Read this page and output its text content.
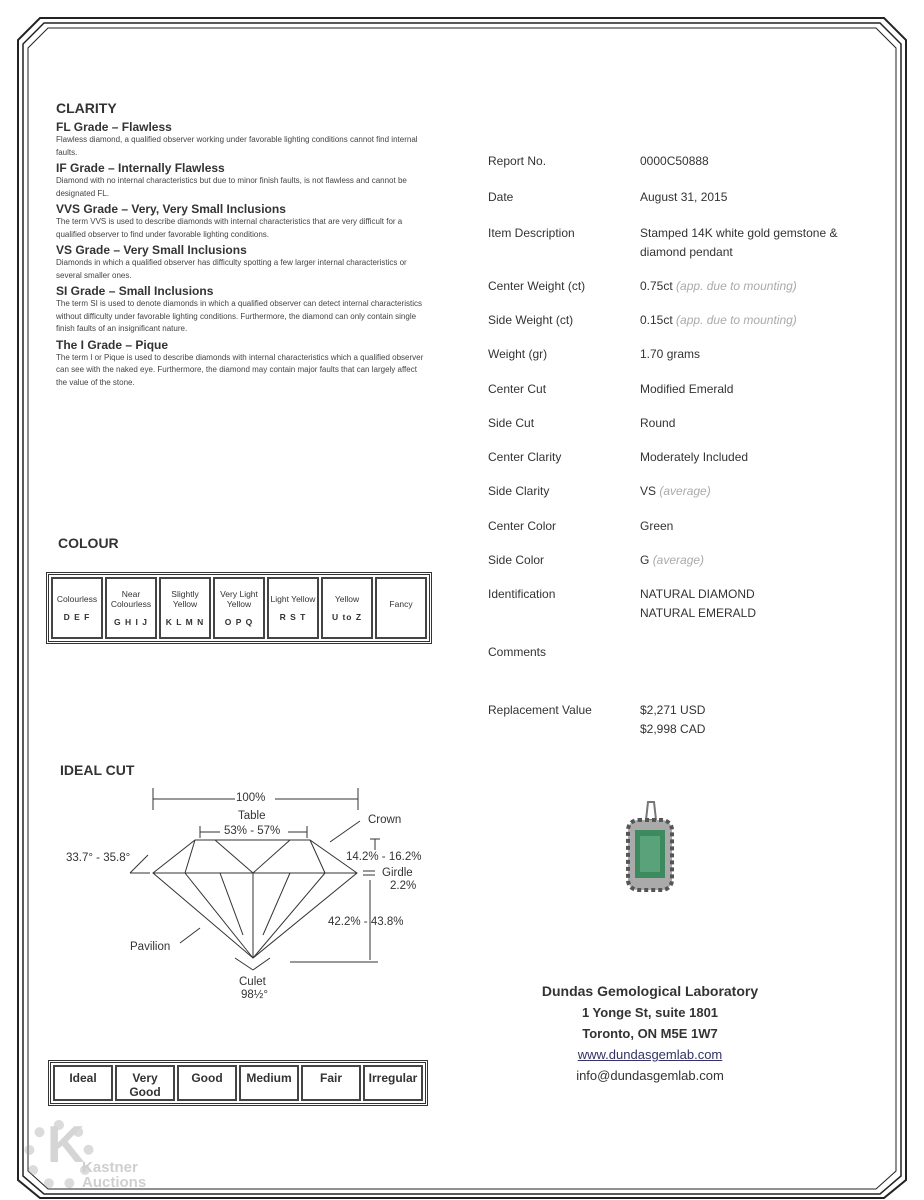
CLARITY
FL Grade – Flawless
Flawless diamond, a qualified observer working under favorable lighting conditions cannot find internal faults.
IF Grade – Internally Flawless
Diamond with no internal characteristics but due to minor finish faults, is not flawless and cannot be designated FL.
VVS Grade – Very, Very Small Inclusions
The term VVS is used to describe diamonds with internal characteristics that are very difficult for a qualified observer to find under favorable lighting conditions.
VS Grade – Very Small Inclusions
Diamonds in which a qualified observer has difficulty spotting a few larger internal characteristics or several smaller ones.
SI Grade – Small Inclusions
The term SI is used to denote diamonds in which a qualified observer can detect internal characteristics without difficulty under favorable lighting conditions. Furthermore, the diamond can only contain single finish faults of an insignificant nature.
The I Grade – Pique
The term I or Pique is used to describe diamonds with internal characteristics which a qualified observer can see with the naked eye. Furthermore, the diamond may contain major faults that can largely affect the value of the stone.
COLOUR
Colourless
D E F

Near Colourless
G H I J

Slightly Yellow
K L M N

Very Light Yellow
O P Q

Light Yellow
R S T

Yellow
U to Z

Fancy
IDEAL CUT
100%
Table
53% - 57%
Crown
33.7° - 35.8°	14.2% - 16.2%
Girdle
2.2%
42.2% - 43.8%
Pavilion
Culet
98½°
Ideal	Very Good	Good	Medium	Fair	Irregular
Report No.	0000C50888
Date	August 31, 2015
Item Description	Stamped 14K white gold gemstone &
diamond pendant
Center Weight (ct)	0.75ct (app. due to mounting)
Side Weight (ct)	0.15ct (app. due to mounting)
Weight (gr)	1.70 grams
Center Cut	Modified Emerald
Side Cut	Round
Center Clarity	Moderately Included
Side Clarity	VS (average)
Center Color	Green
Side Color	G (average)
Identification	NATURAL DIAMOND
NATURAL EMERALD
Comments
Replacement Value	$2,271 USD
$2,998 CAD
Dundas Gemological Laboratory
1 Yonge St, suite 1801
Toronto, ON M5E 1W7
www.dundasgemlab.com
info@dundasgemlab.com
K
Kastner Auctions
